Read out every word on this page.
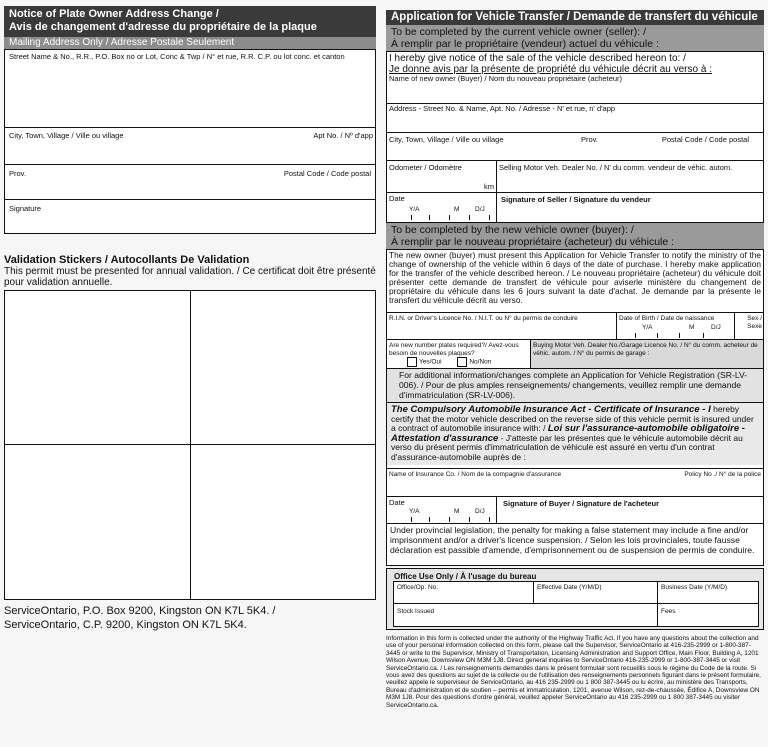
Notice of Plate Owner Address Change /
Avis de changement d'adresse du propriétaire de la plaque
Mailing Address Only / Adresse Postale Seulement
Street Name & No., R.R., P.O. Box no or Lot, Conc & Twp / N° et rue, R.R. C.P. ou lot conc. et canton
City, Town, Village / Ville ou village	Apt No. / Nº d'app
Prov.	Postal Code / Code postal
Signature
Validation Stickers / Autocollants De Validation
This permit must be presented for annual validation. / Ce certificat doit être présenté pour validation annuelle.
ServiceOntario, P.O. Box 9200, Kingston ON K7L 5K4. /
ServiceOntario, C.P. 9200, Kingston ON K7L 5K4.
Application for Vehicle Transfer / Demande de transfert du véhicule
To be completed by the current vehicle owner (seller): /
À remplir par le propriétaire (vendeur) actuel du véhicule :
I hereby give notice of the sale of the vehicle described hereon to: /
Je donne avis par la présente de propriété du véhicule décrit au verso à :
Name of new owner (Buyer) / Nom du nouveau propriétaire (acheteur)
Address - Street No. & Name, Apt. No. / Adresse - N' et rue, n' d'app
City, Town, Village / Ville ou village	Prov.	Postal Code / Code postal
Odometer / Odomètre
km
Selling Motor Veh. Dealer No. / N' du comm. vendeur de véhic. autom.
Date
Y/A	M D/J
Signature of Seller / Signature du vendeur
To be completed by the new vehicle owner (buyer): /
À remplir par le nouveau propriétaire (acheteur) du véhicule :
The new owner (buyer) must present this Application for Vehicle Transfer to notify the ministry of the change of ownership of the vehicle within 6 days of the date of purchase. I hereby make application for the transfer of the vehicle described hereon. / Le nouveau propriétaire (acheteur) du véhicule doit présenter cette demande de transfert de véhicule pour aviserle ministère du changement de propriétaire du véhicule dans les 6 jours suivant la date d'achat. Je demande par la présente le transfert du véhicule décrit au verso.
R.I.N. or Driver's Licence No. / N.I.T. ou N° du permis de conduire	Date of Birth / Date de naissance
Y/A	M	D/J
Sex / Sexe
Are new number plates required?/ Avez-vous besoin de nouvelles plaques?
Yes/Oui	No/Non
Buying Motor Veh. Dealer No./Garage Licence No. / N° du comm. acheteur de véhic. autom. / N° du permis de garage :
For additional information/changes complete an Application for Vehicle Registration (SR-LV-006). / Pour de plus amples renseignements/ changements, veuillez remplir une demande d'immatriculation (SR-LV-006).
The Compulsory Automobile Insurance Act - Certificate of Insurance - I hereby certify that the motor vehicle described on the reverse side of this vehicle permit is insured under a contract of automobile insurance with: / Loi sur l'assurance-automobile obligatoire - Attestation d'assurance - J'atteste par les présentes que le véhicule automobile décrit au verso du présent permis d'immatriculation de véhicule est assuré en vertu d'un contrat d'assurance-automobile auprès de :
Name of Insurance Co. / Nom de la compagnie d'assurance	Policy No ./ N° de la police
Date
Y/A	M D/J
Signature of Buyer / Signature de l'acheteur
Under provincial legislation, the penalty for making a false statement may include a fine and/or imprisonment and/or a driver's licence suspension. / Selon les lois provinciales, toute fausse déclaration est passible d'amende, d'emprisonnement ou de suspension de permis de conduire.
Office Use Only / À l'usage du bureau
Office/Op. No.	Effective Date (Y/M/D)	Business Date (Y/M/D)
Stock Issued	Fees
Information in this form is collected under the authority of the Highway Traffic Act. If you have any questions about the collection and use of your personal information collected on this form, please call the Supervisor, ServiceOntario at 416-235-2999 or 1-800-387-3445 or write to the Supervisor, Ministry of Transportation, Licensing Administration and Support Office, Main Floor, Building A, 1201 Wilson Avenue, Downsview ON M3M 1J8. Direct general inquiries to ServiceOntario 416-235-2999 or 1-800-387-3445 or visit ServiceOntario.ca. / Les renseignements demandés dans le présent formulair sont recueillis sous le régime du Code de la route. Si vous avez des questions au sujet de la collecte ou de l'utilisation des renseignements personnels figurant dans le présent formulaire, veuillez appele le superviseur de ServiceOntario, au 416 235-2999 ou 1 800 387-3445 ou lu écrire, au ministère des Transports, Bureau d'administration et de soutien – permis et immatriculation, 1201, avenue Wilson, rez-de-chaussée, Édifice A, Downsview ON M3M 1J8. Pour des questions d'ordre général, veuillez appeler ServiceOntario au 416 235-2999 ou 1 800 387-3445 ou visiter ServiceOntario.ca.
